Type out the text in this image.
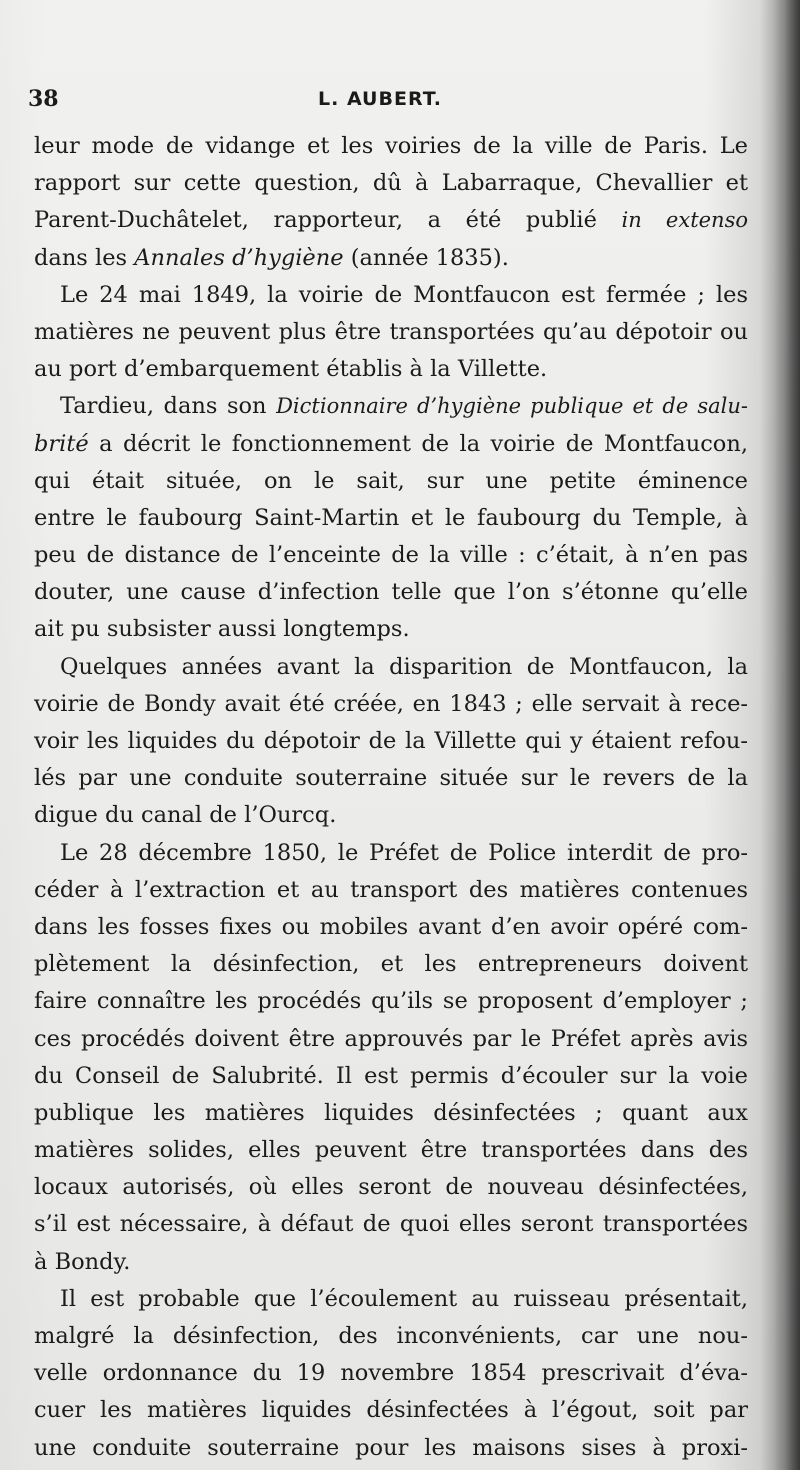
38	L. AUBERT.
leur mode de vidange et les voiries de la ville de Paris. Le
rapport sur cette question, dû à Labarraque, Chevallier et
Parent-Duchâtelet, rapporteur, a été publié in extenso
dans les Annales d’hygiène (année 1835).
Le 24 mai 1849, la voirie de Montfaucon est fermée ; les
matières ne peuvent plus être transportées qu’au dépotoir ou
au port d’embarquement établis à la Villette.
Tardieu, dans son Dictionnaire d’hygiène publique et de salu-
brité a décrit le fonctionnement de la voirie de Montfaucon,
qui était située, on le sait, sur une petite éminence
entre le faubourg Saint-Martin et le faubourg du Temple, à
peu de distance de l’enceinte de la ville : c’était, à n’en pas
douter, une cause d’infection telle que l’on s’étonne qu’elle
ait pu subsister aussi longtemps.
Quelques années avant la disparition de Montfaucon, la
voirie de Bondy avait été créée, en 1843 ; elle servait à rece-
voir les liquides du dépotoir de la Villette qui y étaient refou-
lés par une conduite souterraine située sur le revers de la
digue du canal de l’Ourcq.
Le 28 décembre 1850, le Préfet de Police interdit de pro-
céder à l’extraction et au transport des matières contenues
dans les fosses fixes ou mobiles avant d’en avoir opéré com-
plètement la désinfection, et les entrepreneurs doivent
faire connaître les procédés qu’ils se proposent d’employer ;
ces procédés doivent être approuvés par le Préfet après avis
du Conseil de Salubrité. Il est permis d’écouler sur la voie
publique les matières liquides désinfectées ; quant aux
matières solides, elles peuvent être transportées dans des
locaux autorisés, où elles seront de nouveau désinfectées,
s’il est nécessaire, à défaut de quoi elles seront transportées
à Bondy.
Il est probable que l’écoulement au ruisseau présentait,
malgré la désinfection, des inconvénients, car une nou-
velle ordonnance du 19 novembre 1854 prescrivait d’éva-
cuer les matières liquides désinfectées à l’égout, soit par
une conduite souterraine pour les maisons sises à proxi-
